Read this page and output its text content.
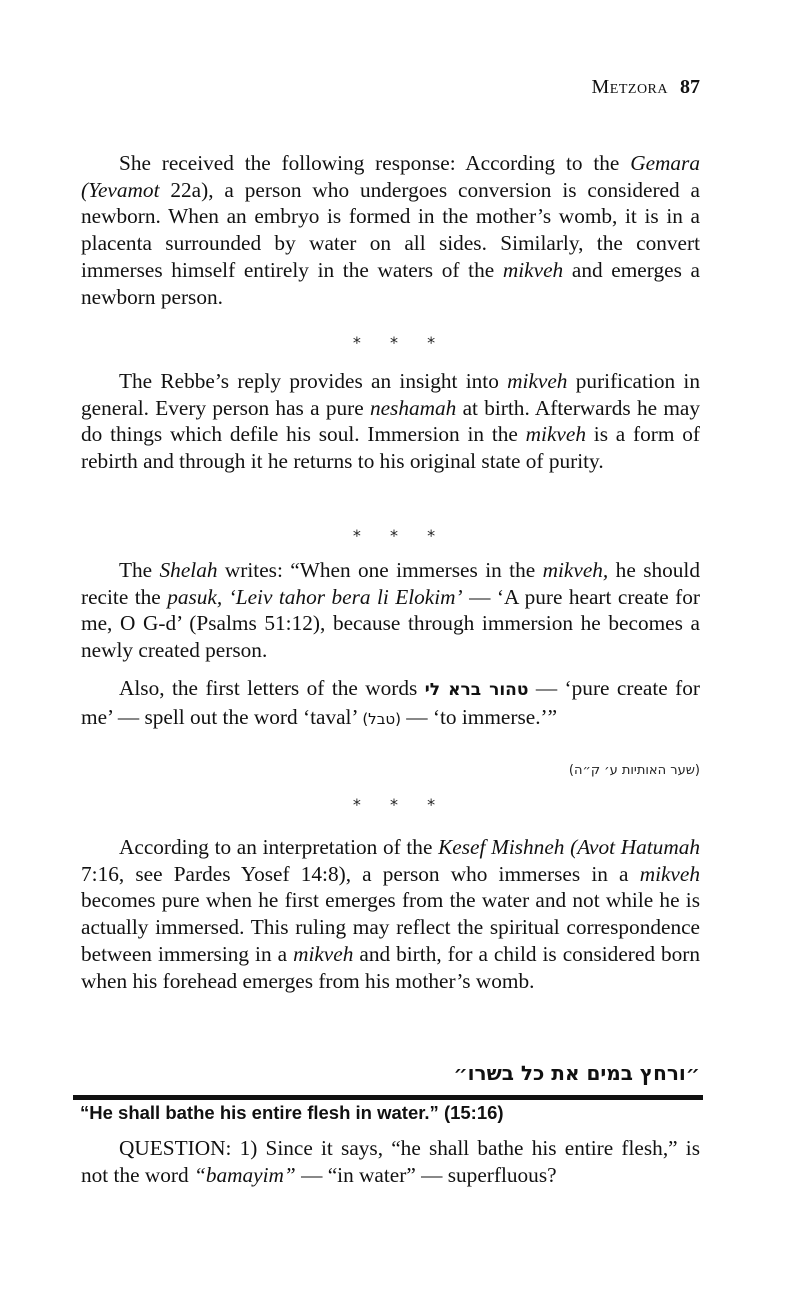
Metzora 87

She received the following response: According to the Gemara (Yevamot 22a), a person who undergoes conversion is considered a newborn. When an embryo is formed in the mother’s womb, it is in a placenta surrounded by water on all sides. Similarly, the convert immerses himself entirely in the waters of the mikveh and emerges a newborn person.

* * *

The Rebbe’s reply provides an insight into mikveh purification in general. Every person has a pure neshamah at birth. Afterwards he may do things which defile his soul. Immersion in the mikveh is a form of rebirth and through it he returns to his original state of purity.

* * *

The Shelah writes: “When one immerses in the mikveh, he should recite the pasuk, ‘Leiv tahor bera li Elokim’ — ‘A pure heart create for me, O G-d’ (Psalms 51:12), because through immersion he becomes a newly created person.

Also, the first letters of the words טהור ברא לי — ‘pure create for me’ — spell out the word ‘taval’ (טבל) — ‘to immerse.’”

(שער האותיות ע׳ ק״ה)
* * *

According to an interpretation of the Kesef Mishneh (Avot Hatumah 7:16, see Pardes Yosef 14:8), a person who immerses in a mikveh becomes pure when he first emerges from the water and not while he is actually immersed. This ruling may reflect the spiritual correspondence between immersing in a mikveh and birth, for a child is considered born when his forehead emerges from his mother’s womb.

״ורחץ במים את כל בשרו״
“He shall bathe his entire flesh in water.” (15:16)

QUESTION: 1) Since it says, “he shall bathe his entire flesh,” is not the word “bamayim” — “in water” — superfluous?
